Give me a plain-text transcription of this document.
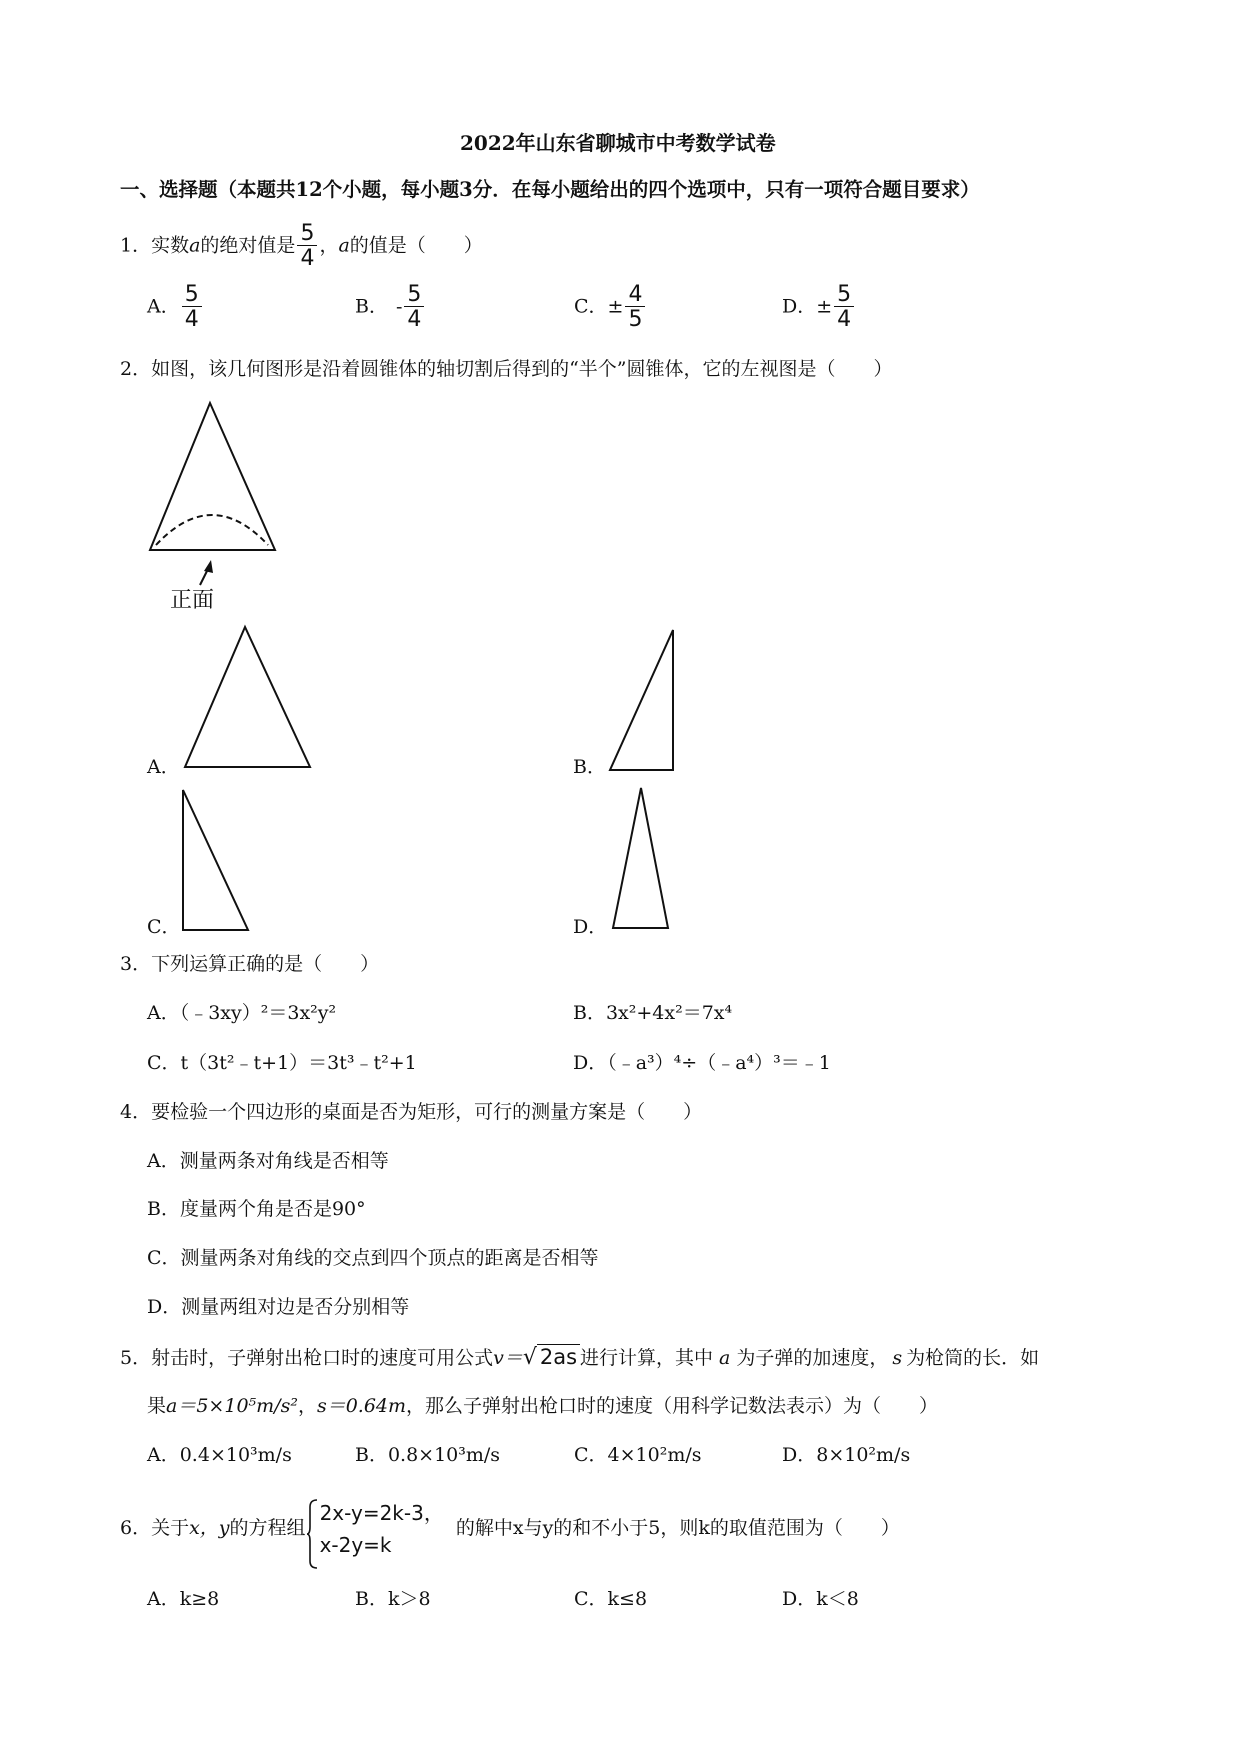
2022年山东省聊城市中考数学试卷
一、选择题（本题共12个小题，每小题3分．在每小题给出的四个选项中，只有一项符合题目要求）
1．实数a的绝对值是 $\frac{5}{4}$ ，a的值是（　　）
A． $\frac{5}{4}$	B． - $\frac{5}{4}$	C．± $\frac{4}{5}$	D．± $\frac{5}{4}$
2．如图，该几何图形是沿着圆锥体的轴切割后得到的“半个”圆锥体，它的左视图是（　　）
正面
A．	B．
C．	D．
3．下列运算正确的是（　　）
A．（﹣3xy）²＝3x²y²	B．3x²+4x²＝7x⁴
C．t（3t²﹣t+1）＝3t³﹣t²+1	D．（﹣a³）⁴÷（﹣a⁴）³＝﹣1
4．要检验一个四边形的桌面是否为矩形，可行的测量方案是（　　）
A．测量两条对角线是否相等
B．度量两个角是否是90°
C．测量两条对角线的交点到四个顶点的距离是否相等
D．测量两组对边是否分别相等
5．射击时，子弹射出枪口时的速度可用公式v＝√ 2as 进行计算，其中 a 为子弹的加速度， s 为枪筒的长．如
果a＝5×10⁵m/s²，s＝0.64m，那么子弹射出枪口时的速度（用科学记数法表示）为（　　）
A．0.4×10³m/s	B．0.8×10³m/s	C．4×10²m/s	D．8×10²m/s
6．关于x，y的方程组
2x-y=2k-3，
x-2y=k
的解中x与y的和不小于5，则k的取值范围为（　　）
A．k≥8	B．k＞8	C．k≤8	D．k＜8
